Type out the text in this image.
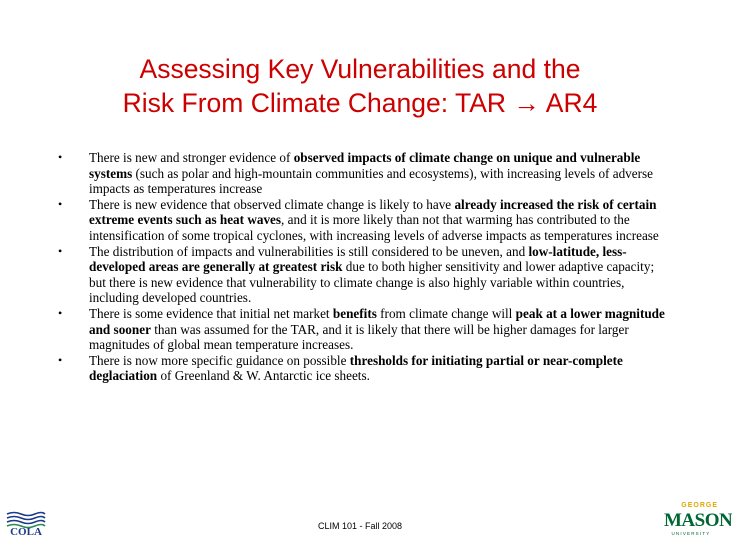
Assessing Key Vulnerabilities and the
Risk From Climate Change: TAR → AR4
• There is new and stronger evidence of observed impacts of climate change on unique and vulnerable systems (such as polar and high-mountain communities and ecosystems), with increasing levels of adverse impacts as temperatures increase
• There is new evidence that observed climate change is likely to have already increased the risk of certain extreme events such as heat waves, and it is more likely than not that warming has contributed to the intensification of some tropical cyclones, with increasing levels of adverse impacts as temperatures increase
• The distribution of impacts and vulnerabilities is still considered to be uneven, and low-latitude, less-developed areas are generally at greatest risk due to both higher sensitivity and lower adaptive capacity; but there is new evidence that vulnerability to climate change is also highly variable within countries, including developed countries.
• There is some evidence that initial net market benefits from climate change will peak at a lower magnitude and sooner than was assumed for the TAR, and it is likely that there will be higher damages for larger magnitudes of global mean temperature increases.
• There is now more specific guidance on possible thresholds for initiating partial or near-complete deglaciation of Greenland & W. Antarctic ice sheets.
COLA	CLIM 101 - Fall 2008
GEORGE
MASON
UNIVERSITY
